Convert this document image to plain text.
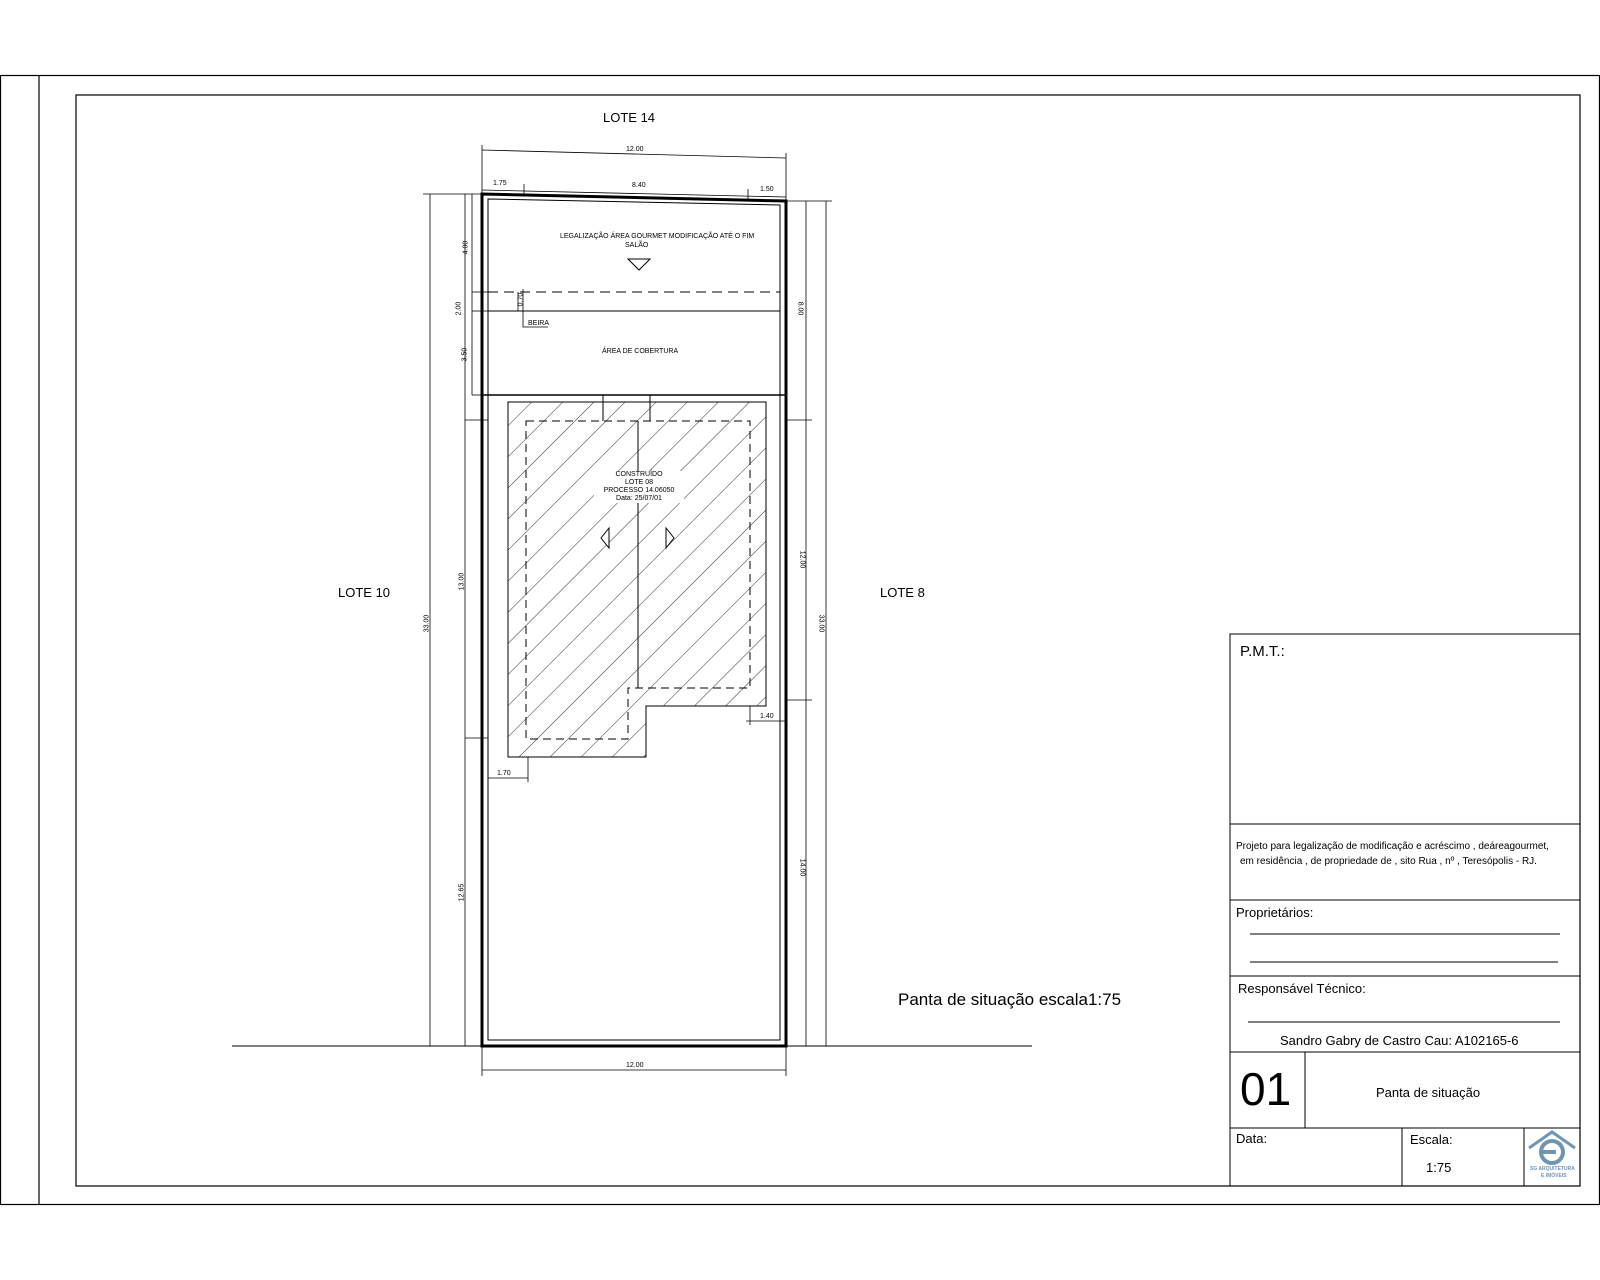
LOTE 14
LOTE 10	LOTE 8
Panta de situação escala1:75
LEGALIZAÇÃO ÁREA GOURMET MODIFICAÇÃO ATÉ O FIM
SALÃO
ÁREA DE COBERTURA
BEIRA
CONSTRUÍDO
LOTE 08
PROCESSO 14.06050
Data: 25/07/01
12.00
1.75	8.40
1.50
12.00
33.00
4.00
2.00
3.50
13.00
12.65
33.00
8.00
12.00
14.00
1.40
1.70
0.70
P.M.T.:
Projeto para legalização de modificação e acréscimo , deáreagourmet,
em residência , de propriedade de , sito Rua , nº , Teresópolis - RJ.
Proprietários:
Responsável Técnico:
Sandro Gabry de Castro Cau: A102165-6
01	Panta de situação
Data:	Escala:
1:75	SG ARQUITETURA
E IMÓVEIS
